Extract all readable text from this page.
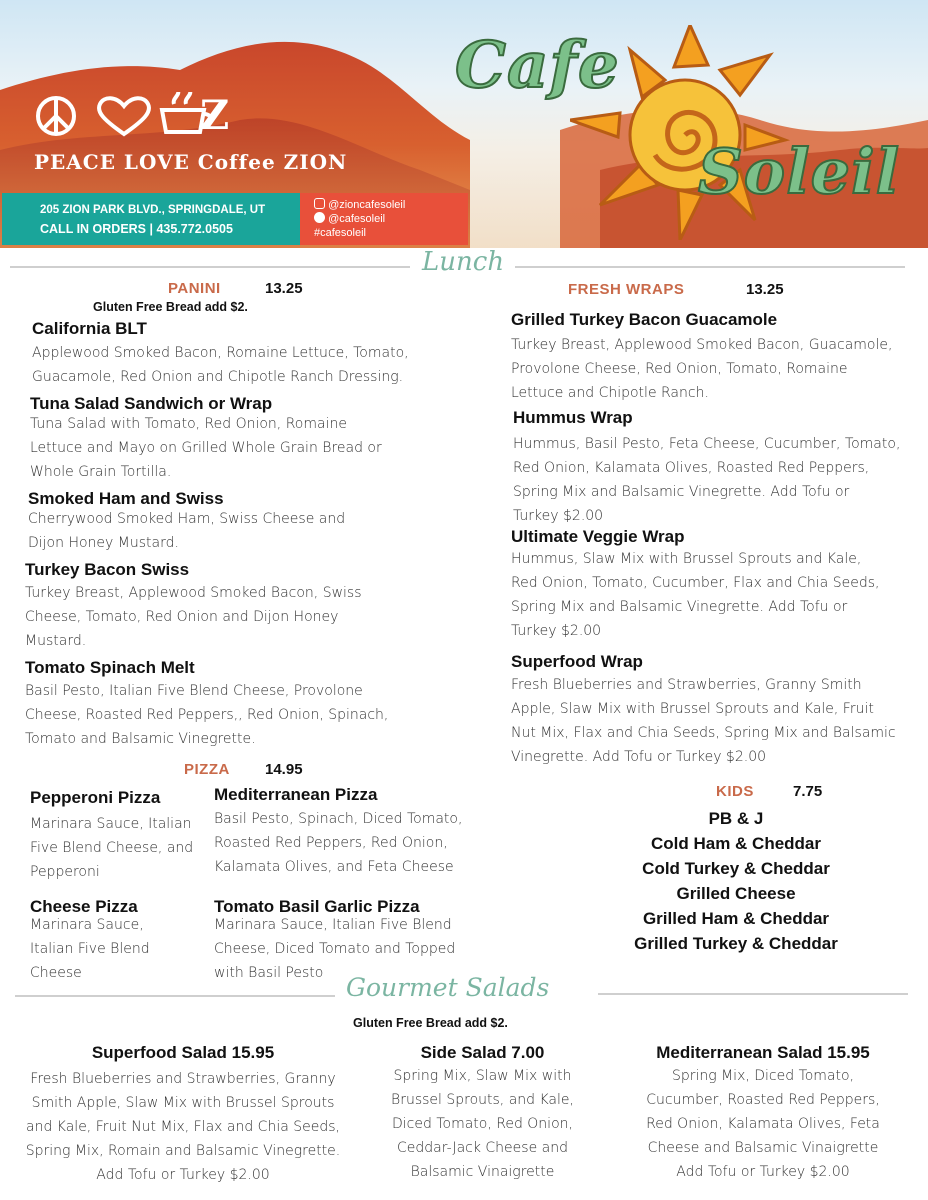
Z
PEACE LOVE Coffee ZION
205 ZION PARK BLVD., SPRINGDALE, UT
CALL IN ORDERS | 435.772.0505
@zioncafesoleil
@cafesoleil
#cafesoleil
Cafe
Soleil
Lunch
PANINI	13.25
Gluten Free Bread add $2.
California BLT
Applewood Smoked Bacon, Romaine Lettuce, Tomato,
Guacamole, Red Onion and Chipotle Ranch Dressing.
Tuna Salad Sandwich or Wrap
Tuna Salad with Tomato, Red Onion, Romaine
Lettuce and Mayo on Grilled Whole Grain Bread or
Whole Grain Tortilla.
Smoked Ham and Swiss
Cherrywood Smoked Ham, Swiss Cheese and
Dijon Honey Mustard.
Turkey Bacon Swiss
Turkey Breast, Applewood Smoked Bacon, Swiss
Cheese, Tomato, Red Onion and Dijon Honey
Mustard.
Tomato Spinach Melt
Basil Pesto, Italian Five Blend Cheese, Provolone
Cheese, Roasted Red Peppers,, Red Onion, Spinach,
Tomato and Balsamic Vinegrette.
PIZZA 14.95
Pepperoni Pizza
Marinara Sauce, Italian
Five Blend Cheese, and
Pepperoni
Mediterranean Pizza
Basil Pesto, Spinach, Diced Tomato,
Roasted Red Peppers, Red Onion,
Kalamata Olives, and Feta Cheese
Cheese Pizza
Marinara Sauce,
Italian Five Blend
Cheese
Tomato Basil Garlic Pizza
Marinara Sauce, Italian Five Blend
Cheese, Diced Tomato and Topped
with Basil Pesto
FRESH WRAPS	13.25
Grilled Turkey Bacon Guacamole
Turkey Breast, Applewood Smoked Bacon, Guacamole,
Provolone Cheese, Red Onion, Tomato, Romaine
Lettuce and Chipotle Ranch.
Hummus Wrap
Hummus, Basil Pesto, Feta Cheese, Cucumber, Tomato,
Red Onion, Kalamata Olives, Roasted Red Peppers,
Spring Mix and Balsamic Vinegrette. Add Tofu or
Turkey $2.00
Ultimate Veggie Wrap
Hummus, Slaw Mix with Brussel Sprouts and Kale,
Red Onion, Tomato, Cucumber, Flax and Chia Seeds,
Spring Mix and Balsamic Vinegrette. Add Tofu or
Turkey $2.00
Superfood Wrap
Fresh Blueberries and Strawberries, Granny Smith
Apple, Slaw Mix with Brussel Sprouts and Kale, Fruit
Nut Mix, Flax and Chia Seeds, Spring Mix and Balsamic
Vinegrette. Add Tofu or Turkey $2.00
KIDS	7.75
PB & J
Cold Ham & Cheddar
Cold Turkey & Cheddar
Grilled Cheese
Grilled Ham & Cheddar
Grilled Turkey & Cheddar
Gourmet Salads
Gluten Free Bread add $2.
Superfood Salad 15.95
Fresh Blueberries and Strawberries, Granny
Smith Apple, Slaw Mix with Brussel Sprouts
and Kale, Fruit Nut Mix, Flax and Chia Seeds,
Spring Mix, Romain and Balsamic Vinegrette.
Add Tofu or Turkey $2.00
Side Salad 7.00
Spring Mix, Slaw Mix with
Brussel Sprouts, and Kale,
Diced Tomato, Red Onion,
Ceddar-Jack Cheese and
Balsamic Vinaigrette
Mediterranean Salad 15.95
Spring Mix, Diced Tomato,
Cucumber, Roasted Red Peppers,
Red Onion, Kalamata Olives, Feta
Cheese and Balsamic Vinaigrette
Add Tofu or Turkey $2.00
